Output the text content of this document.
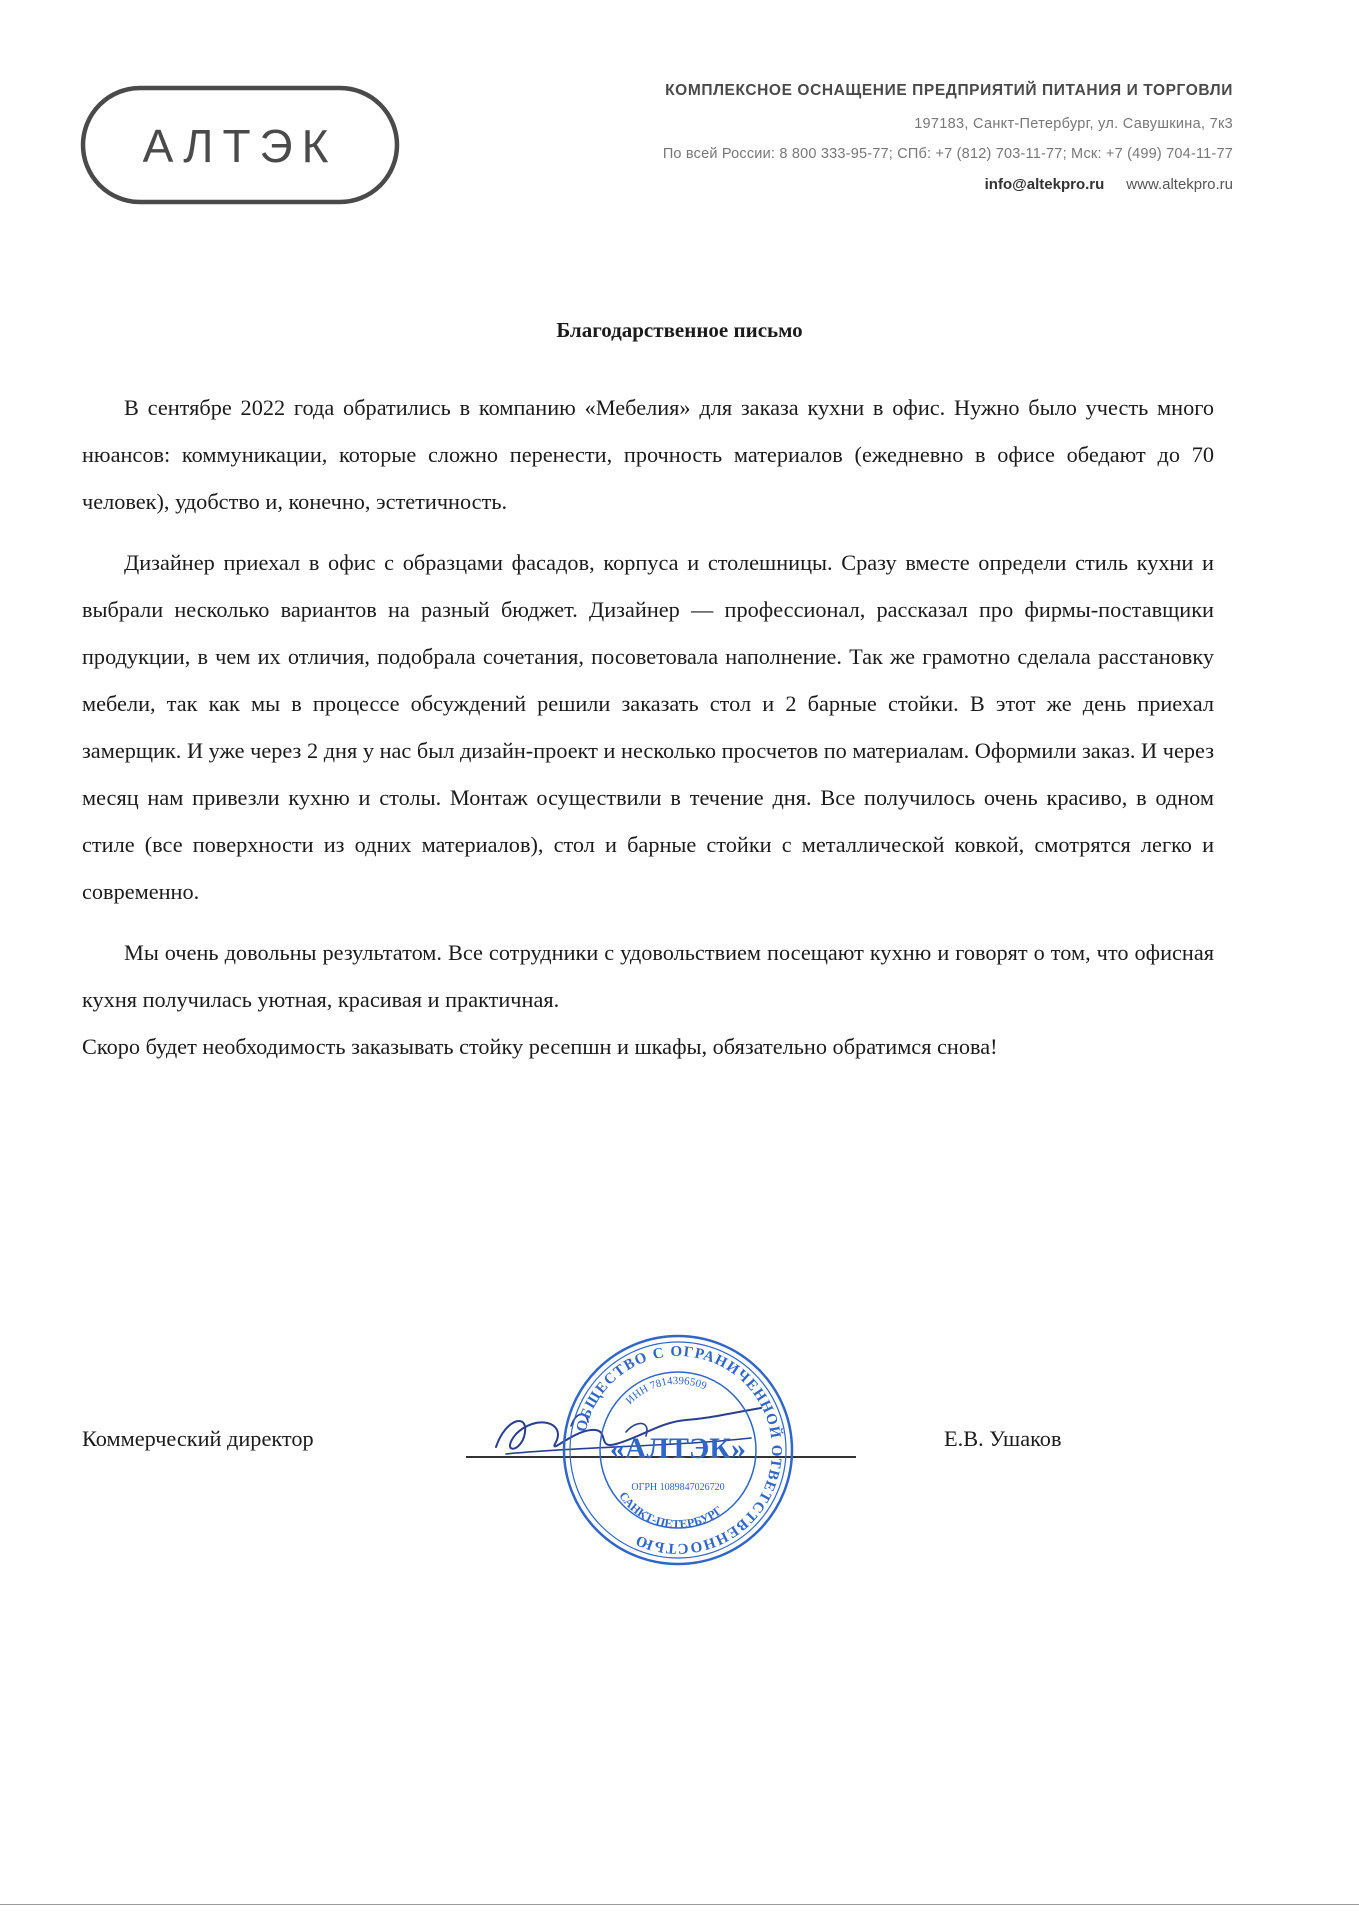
АЛТЭК
КОМПЛЕКСНОЕ ОСНАЩЕНИЕ ПРЕДПРИЯТИЙ ПИТАНИЯ И ТОРГОВЛИ
197183, Санкт-Петербург, ул. Савушкина, 7к3
По всей России: 8 800 333-95-77; СПб: +7 (812) 703-11-77; Мск: +7 (499) 704-11-77
info@altekpro.ru www.altekpro.ru
Благодарственное письмо

В сентябре 2022 года обратились в компанию «Мебелия» для заказа кухни в офис. Нужно было учесть много нюансов: коммуникации, которые сложно перенести, прочность материалов (ежедневно в офисе обедают до 70 человек), удобство и, конечно, эстетичность.

Дизайнер приехал в офис с образцами фасадов, корпуса и столешницы. Сразу вместе определи стиль кухни и выбрали несколько вариантов на разный бюджет. Дизайнер — профессионал, рассказал про фирмы-поставщики продукции, в чем их отличия, подобрала сочетания, посоветовала наполнение. Так же грамотно сделала расстановку мебели, так как мы в процессе обсуждений решили заказать стол и 2 барные стойки. В этот же день приехал замерщик. И уже через 2 дня у нас был дизайн-проект и несколько просчетов по материалам. Оформили заказ. И через месяц нам привезли кухню и столы. Монтаж осуществили в течение дня. Все получилось очень красиво, в одном стиле (все поверхности из одних материалов), стол и барные стойки с металлической ковкой, смотрятся легко и современно.

Мы очень довольны результатом. Все сотрудники с удовольствием посещают кухню и говорят о том, что офисная кухня получилась уютная, красивая и практичная.

Скоро будет необходимость заказывать стойку ресепшн и шкафы, обязательно обратимся снова!

Коммерческий директор	Е.В. Ушаков
ОБЩЕСТВО С ОГРАНИЧЕННОЙ ОТВЕТСТВЕННОСТЬЮ
ИНН 7814396509
«АЛТЭК»
ОГРН 1089847026720
САНКТ-ПЕТЕРБУРГ
